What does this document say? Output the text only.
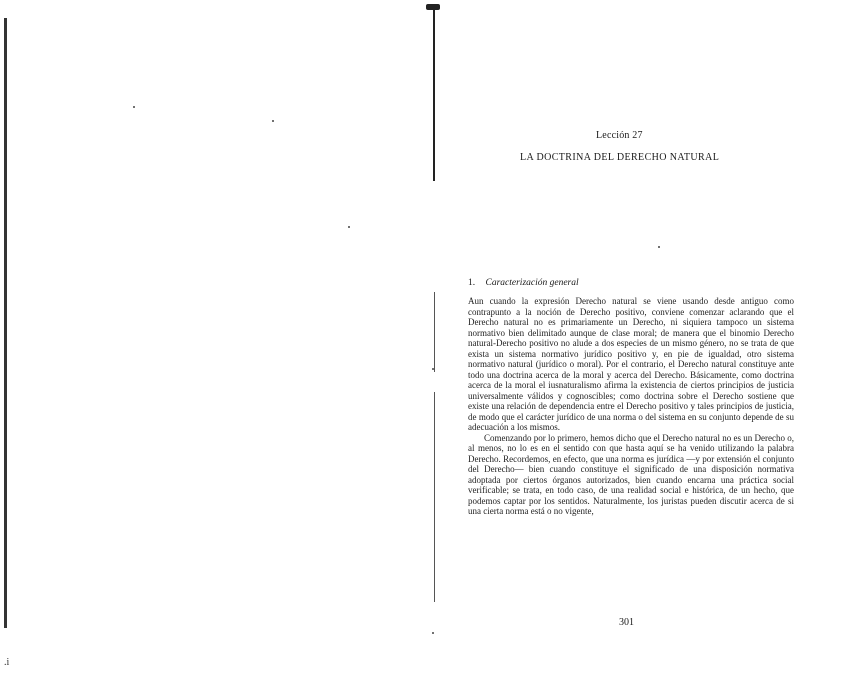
Lección 27
LA DOCTRINA DEL DERECHO NATURAL
1. Caracterización general

Aun cuando la expresión Derecho natural se viene usando desde antiguo como contrapunto a la noción de Derecho positivo, conviene comenzar aclarando que el Derecho natural no es primariamente un Derecho, ni siquiera tampoco un sistema normativo bien delimitado aunque de clase moral; de manera que el binomio Derecho natural-Derecho positivo no alude a dos especies de un mismo género, no se trata de que exista un sistema normativo jurídico positivo y, en pie de igualdad, otro sistema normativo natural (jurídico o moral). Por el contrario, el Derecho natural constituye ante todo una doctrina acerca de la moral y acerca del Derecho. Básicamente, como doctrina acerca de la moral el iusnaturalismo afirma la existencia de ciertos principios de justicia universalmente válidos y cognoscibles; como doctrina sobre el Derecho sostiene que existe una relación de dependencia entre el Derecho positivo y tales principios de justicia, de modo que el carácter jurídico de una norma o del sistema en su conjunto depende de su adecuación a los mismos.

Comenzando por lo primero, hemos dicho que el Derecho natural no es un Derecho o, al menos, no lo es en el sentido con que hasta aquí se ha venido utilizando la palabra Derecho. Recordemos, en efecto, que una norma es jurídica —y por extensión el conjunto del Derecho— bien cuando constituye el significado de una disposición normativa adoptada por ciertos órganos autorizados, bien cuando encarna una práctica social verificable; se trata, en todo caso, de una realidad social e histórica, de un hecho, que podemos captar por los sentidos. Naturalmente, los juristas pueden discutir acerca de si una cierta norma está o no vigente,

301
.i
